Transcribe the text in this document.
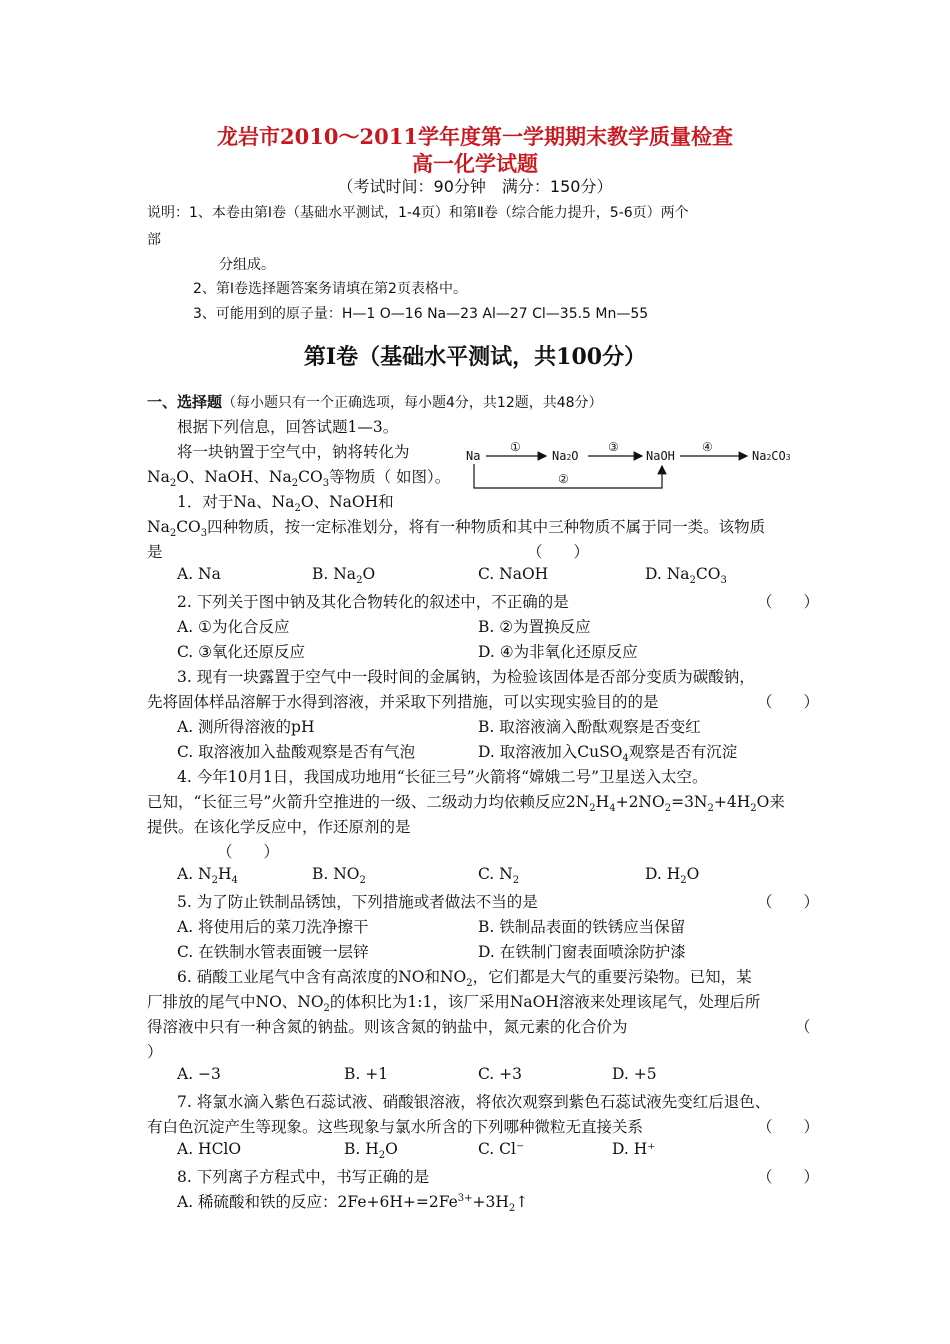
龙岩市2010～2011学年度第一学期期末教学质量检查
高一化学试题
（考试时间：90分钟　满分：150分）
说明：1、本卷由第Ⅰ卷（基础水平测试，1-4页）和第Ⅱ卷（综合能力提升，5-6页）两个
部
分组成。
2、第Ⅰ卷选择题答案务请填在第2页表格中。
3、可能用到的原子量：H—1 O—16 Na—23 Al—27 Cl—35.5 Mn—55
第Ⅰ卷（基础水平测试，共100分）
一、选择题（每小题只有一个正确选项，每小题4分，共12题，共48分）
根据下列信息，回答试题1—3。
将一块钠置于空气中，钠将转化为
$Na_2O$、NaOH、$Na_2CO_3$等物质（ 如图）。
Na
①
Na2O
③
NaOH
④
Na2CO3
②
1．对于Na、$Na_2O$、NaOH和
$Na_2CO_3$四种物质，按一定标准划分，将有一种物质和其中三种物质不属于同一类。该物质
是	（　　）
A. Na	B. $Na_2O$	C. NaOH	D. $Na_2CO_3$
2. 下列关于图中钠及其化合物转化的叙述中，不正确的是	（　　）
A. ①为化合反应	B. ②为置换反应
C. ③氧化还原反应	D. ④为非氧化还原反应
3. 现有一块露置于空气中一段时间的金属钠，为检验该固体是否部分变质为碳酸钠，
先将固体样品溶解于水得到溶液，并采取下列措施，可以实现实验目的的是	（　　）
A. 测所得溶液的pH	B. 取溶液滴入酚酞观察是否变红
C. 取溶液加入盐酸观察是否有气泡	D. 取溶液加入CuSO$_4$观察是否有沉淀
4. 今年10月1日，我国成功地用“长征三号”火箭将“嫦娥二号”卫星送入太空。
已知，“长征三号”火箭升空推进的一级、二级动力均依赖反应$2N_2H_4+2NO_2=3N_2+4H_2O$来
提供。在该化学反应中，作还原剂的是
（　　）
A. $N_2H_4$	B. $NO_2$	C. $N_2$	D. $H_2O$
5. 为了防止铁制品锈蚀，下列措施或者做法不当的是	（　　）
A. 将使用后的菜刀洗净擦干	B. 铁制品表面的铁锈应当保留
C. 在铁制水管表面镀一层锌	D. 在铁制门窗表面喷涂防护漆
6. 硝酸工业尾气中含有高浓度的NO和$NO_2$，它们都是大气的重要污染物。已知，某
厂排放的尾气中NO、$NO_2$的体积比为1:1，该厂采用NaOH溶液来处理该尾气，处理后所
得溶液中只有一种含氮的钠盐。则该含氮的钠盐中，氮元素的化合价为	（
）
A. −3	B. +1	C. +3	D. +5
7. 将氯水滴入紫色石蕊试液、硝酸银溶液，将依次观察到紫色石蕊试液先变红后退色、
有白色沉淀产生等现象。这些现象与氯水所含的下列哪种微粒无直接关系	（　　）
A. HClO	B. $H_2O$	C. Cl⁻	D. H⁺
8. 下列离子方程式中，书写正确的是	（　　）
A. 稀硫酸和铁的反应：$2Fe+6H+=2Fe^{3+}+3H_2↑$
